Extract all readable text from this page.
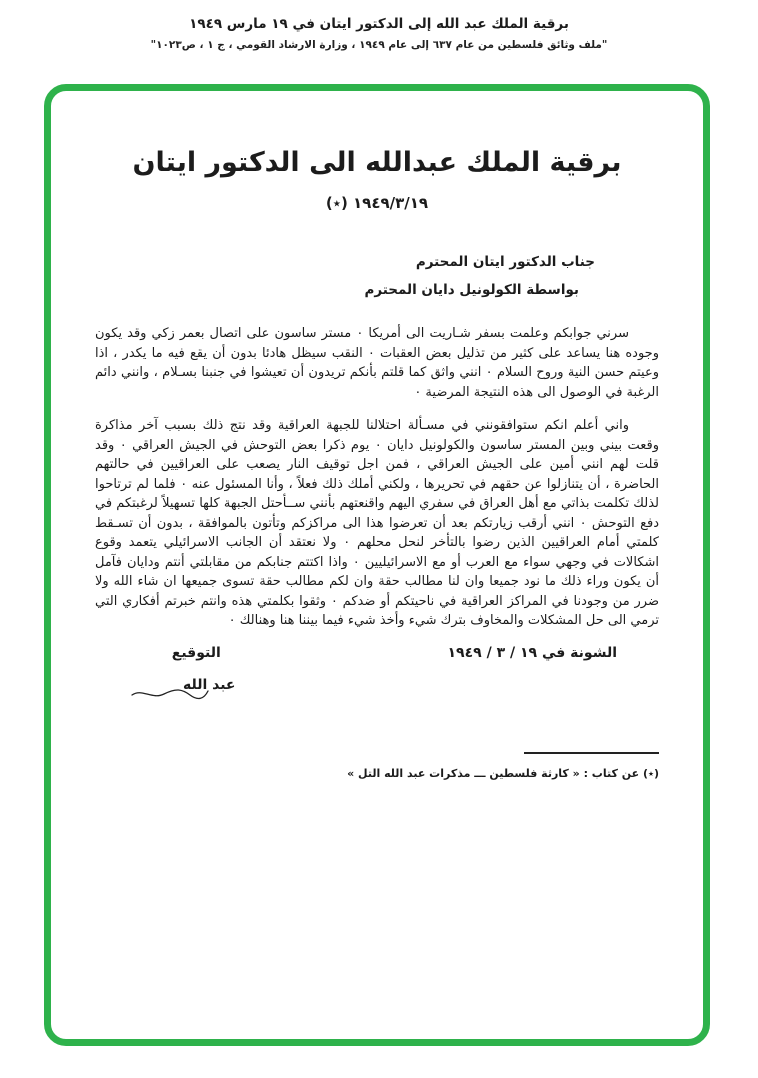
برقية الملك عبد الله إلى الدكتور ايتان في ١٩ مارس ١٩٤٩
"ملف وثائق فلسطين من عام ٦٣٧ إلى عام ١٩٤٩ ، وزارة الارشاد القومي ، ج ١ ، ص١٠٢٣"
برقية الملك عبدالله الى الدكتور ايتان
١٩٤٩/٣/١٩ (٭)
جناب الدكتور ايتان المحترم
بواسطة الكولونيل دايان المحترم

سرني جوابكم وعلمت بسفر شـاريت الى أمريكا ٠ مستر ساسون على اتصال بعمر زكي وقد يكون وجوده هنا يساعد على كثير من تذليل بعض العقبات ٠ النقب سيظل هادئا بدون أن يقع فيه ما يكدر ، اذا وعيتم حسن النية وروح السلام ٠ انني واثق كما قلتم بأنكم تريدون أن تعيشوا في جنبنا بسـلام ، وانني دائم الرغبة في الوصول الى هذه النتيجة المرضية ٠

واني أعلم انكم ستوافقونني في مسـألة احتلالنا للجبهة العراقية وقد نتج ذلك بسبب آخر مذاكرة وقعت بيني وبين المستر ساسون والكولونيل دايان ٠ يوم ذكرا بعض التوحش في الجيش العراقي ٠ وقد قلت لهم انني أمين على الجيش العراقي ، فمن اجل توقيف النار يصعب على العراقيين في حالتهم الحاضرة ، أن يتنازلوا عن حقهم في تحريرها ، ولكني أملك ذلك فعلاً ، وأنا المسئول عنه ٠ فلما لم ترتاحوا لذلك تكلمت بذاتي مع أهل العراق في سفري اليهم واقنعتهم بأنني ســأحتل الجبهة كلها تسهيلاً لرغبتكم في دفع التوحش ٠ انني أرقب زيارتكم بعد أن تعرضوا هذا الى مراكزكم وتأتون بالموافقة ، بدون أن تسـقط كلمتي أمام العراقيين الذين رضوا بالتأخر لنحل محلهم ٠ ولا نعتقد أن الجانب الاسرائيلي يتعمد وقوع اشكالات في وجهي سواء مع العرب أو مع الاسرائيليين ٠ واذا اكتتم جنابكم من مقابلتي أنتم ودايان فآمل أن يكون وراء ذلك ما نود جميعا وان لنا مطالب حقة وان لكم مطالب حقة تسوى جميعها ان شاء الله ولا ضرر من وجودنا في المراكز العراقية في ناحيتكم أو ضدكم ٠ وثقوا بكلمتي هذه وانتم خبرتم أفكاري التي ترمي الى حل المشكلات والمخاوف بترك شيء وأخذ شيء فيما بيننا هنا وهنالك ٠

الشونة في ١٩ / ٣ / ١٩٤٩
التوقيع
عبد الله
(٭) عن كتاب : « كارثة فلسطين ـــ مذكرات عبد الله التل »
